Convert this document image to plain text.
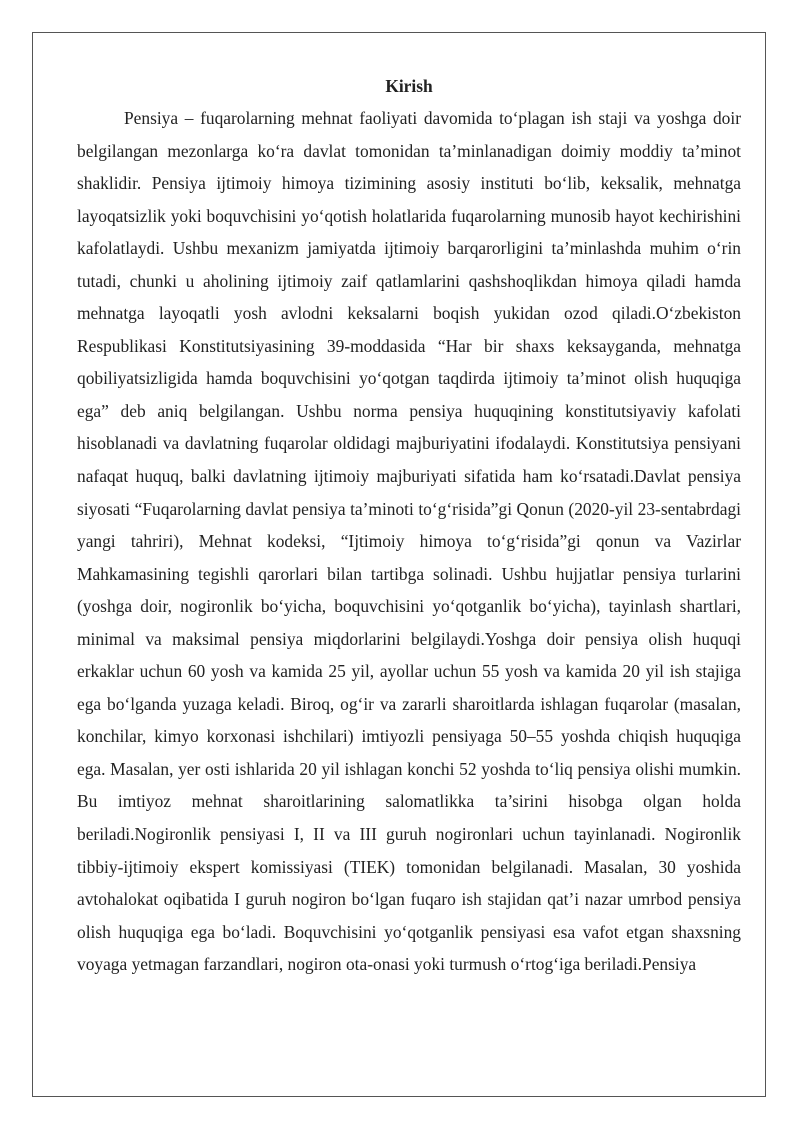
Kirish

Pensiya – fuqarolarning mehnat faoliyati davomida to‘plagan ish staji va yoshga doir belgilangan mezonlarga ko‘ra davlat tomonidan ta’minlanadigan doimiy moddiy ta’minot shaklidir. Pensiya ijtimoiy himoya tizimining asosiy instituti bo‘lib, keksalik, mehnatga layoqatsizlik yoki boquvchisini yo‘qotish holatlarida fuqarolarning munosib hayot kechirishini kafolatlaydi. Ushbu mexanizm jamiyatda ijtimoiy barqarorligini ta’minlashda muhim o‘rin tutadi, chunki u aholining ijtimoiy zaif qatlamlarini qashshoqlikdan himoya qiladi hamda mehnatga layoqatli yosh avlodni keksalarni boqish yukidan ozod qiladi.O‘zbekiston Respublikasi Konstitutsiyasining 39-moddasida “Har bir shaxs keksayganda, mehnatga qobiliyatsizligida hamda boquvchisini yo‘qotgan taqdirda ijtimoiy ta’minot olish huquqiga ega” deb aniq belgilangan. Ushbu norma pensiya huquqining konstitutsiyaviy kafolati hisoblanadi va davlatning fuqarolar oldidagi majburiyatini ifodalaydi. Konstitutsiya pensiyani nafaqat huquq, balki davlatning ijtimoiy majburiyati sifatida ham ko‘rsatadi.Davlat pensiya siyosati “Fuqarolarning davlat pensiya ta’minoti to‘g‘risida”gi Qonun (2020-yil 23-sentabrdagi yangi tahriri), Mehnat kodeksi, “Ijtimoiy himoya to‘g‘risida”gi qonun va Vazirlar Mahkamasining tegishli qarorlari bilan tartibga solinadi. Ushbu hujjatlar pensiya turlarini (yoshga doir, nogironlik bo‘yicha, boquvchisini yo‘qotganlik bo‘yicha), tayinlash shartlari, minimal va maksimal pensiya miqdorlarini belgilaydi.Yoshga doir pensiya olish huquqi erkaklar uchun 60 yosh va kamida 25 yil, ayollar uchun 55 yosh va kamida 20 yil ish stajiga ega bo‘lganda yuzaga keladi. Biroq, og‘ir va zararli sharoitlarda ishlagan fuqarolar (masalan, konchilar, kimyo korxonasi ishchilari) imtiyozli pensiyaga 50–55 yoshda chiqish huquqiga ega. Masalan, yer osti ishlarida 20 yil ishlagan konchi 52 yoshda to‘liq pensiya olishi mumkin. Bu imtiyoz mehnat sharoitlarining salomatlikka ta’sirini hisobga olgan holda beriladi.Nogironlik pensiyasi I, II va III guruh nogironlari uchun tayinlanadi. Nogironlik tibbiy-ijtimoiy ekspert komissiyasi (TIEK) tomonidan belgilanadi. Masalan, 30 yoshida avtohalokat oqibatida I guruh nogiron bo‘lgan fuqaro ish stajidan qat’i nazar umrbod pensiya olish huquqiga ega bo‘ladi. Boquvchisini yo‘qotganlik pensiyasi esa vafot etgan shaxsning voyaga yetmagan farzandlari, nogiron ota-onasi yoki turmush o‘rtog‘iga beriladi.Pensiya
